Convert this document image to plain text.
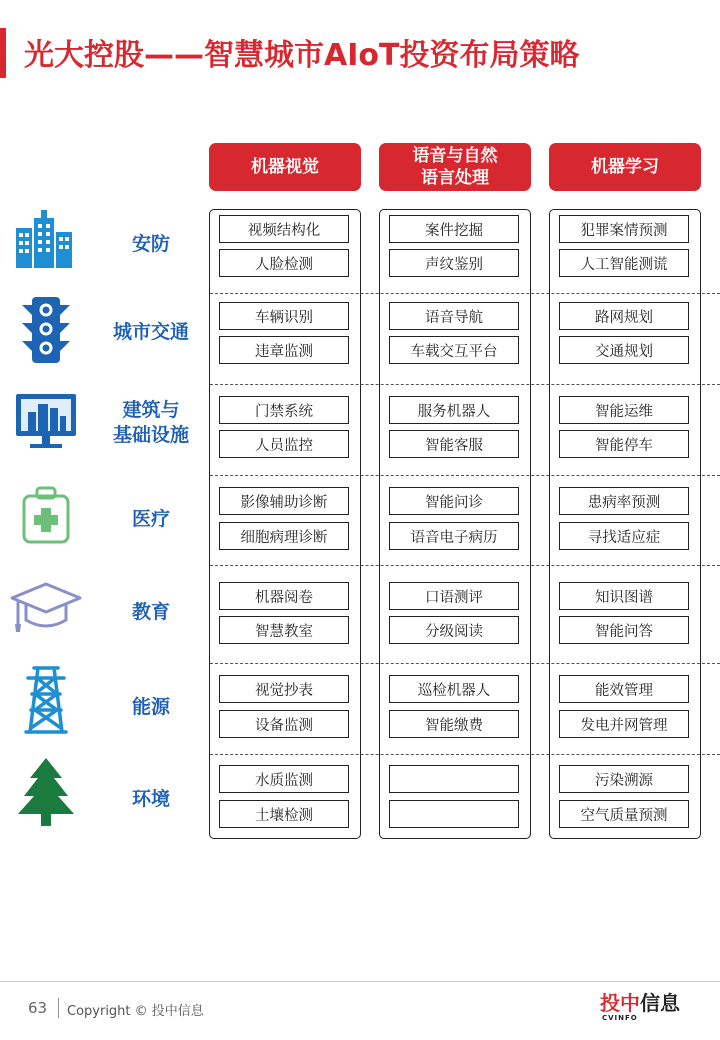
光大控股——智慧城市AIoT投资布局策略
机器视觉
语音与自然
语言处理
机器学习
安防
视频结构化
人脸检测
案件挖掘
声纹鉴别
犯罪案情预测
人工智能测谎
城市交通
车辆识别
违章监测
语音导航
车载交互平台
路网规划
交通规划
建筑与
基础设施
门禁系统
人员监控
服务机器人
智能客服
智能运维
智能停车
医疗
影像辅助诊断
细胞病理诊断
智能问诊
语音电子病历
患病率预测
寻找适应症
教育
机器阅卷
智慧教室
口语测评
分级阅读
知识图谱
智能问答
能源
视觉抄表
设备监测
巡检机器人
智能缴费
能效管理
发电并网管理
环境
水质监测
土壤检测
污染溯源
空气质量预测
63 Copyright © 投中信息	投中信息
CVINFO
